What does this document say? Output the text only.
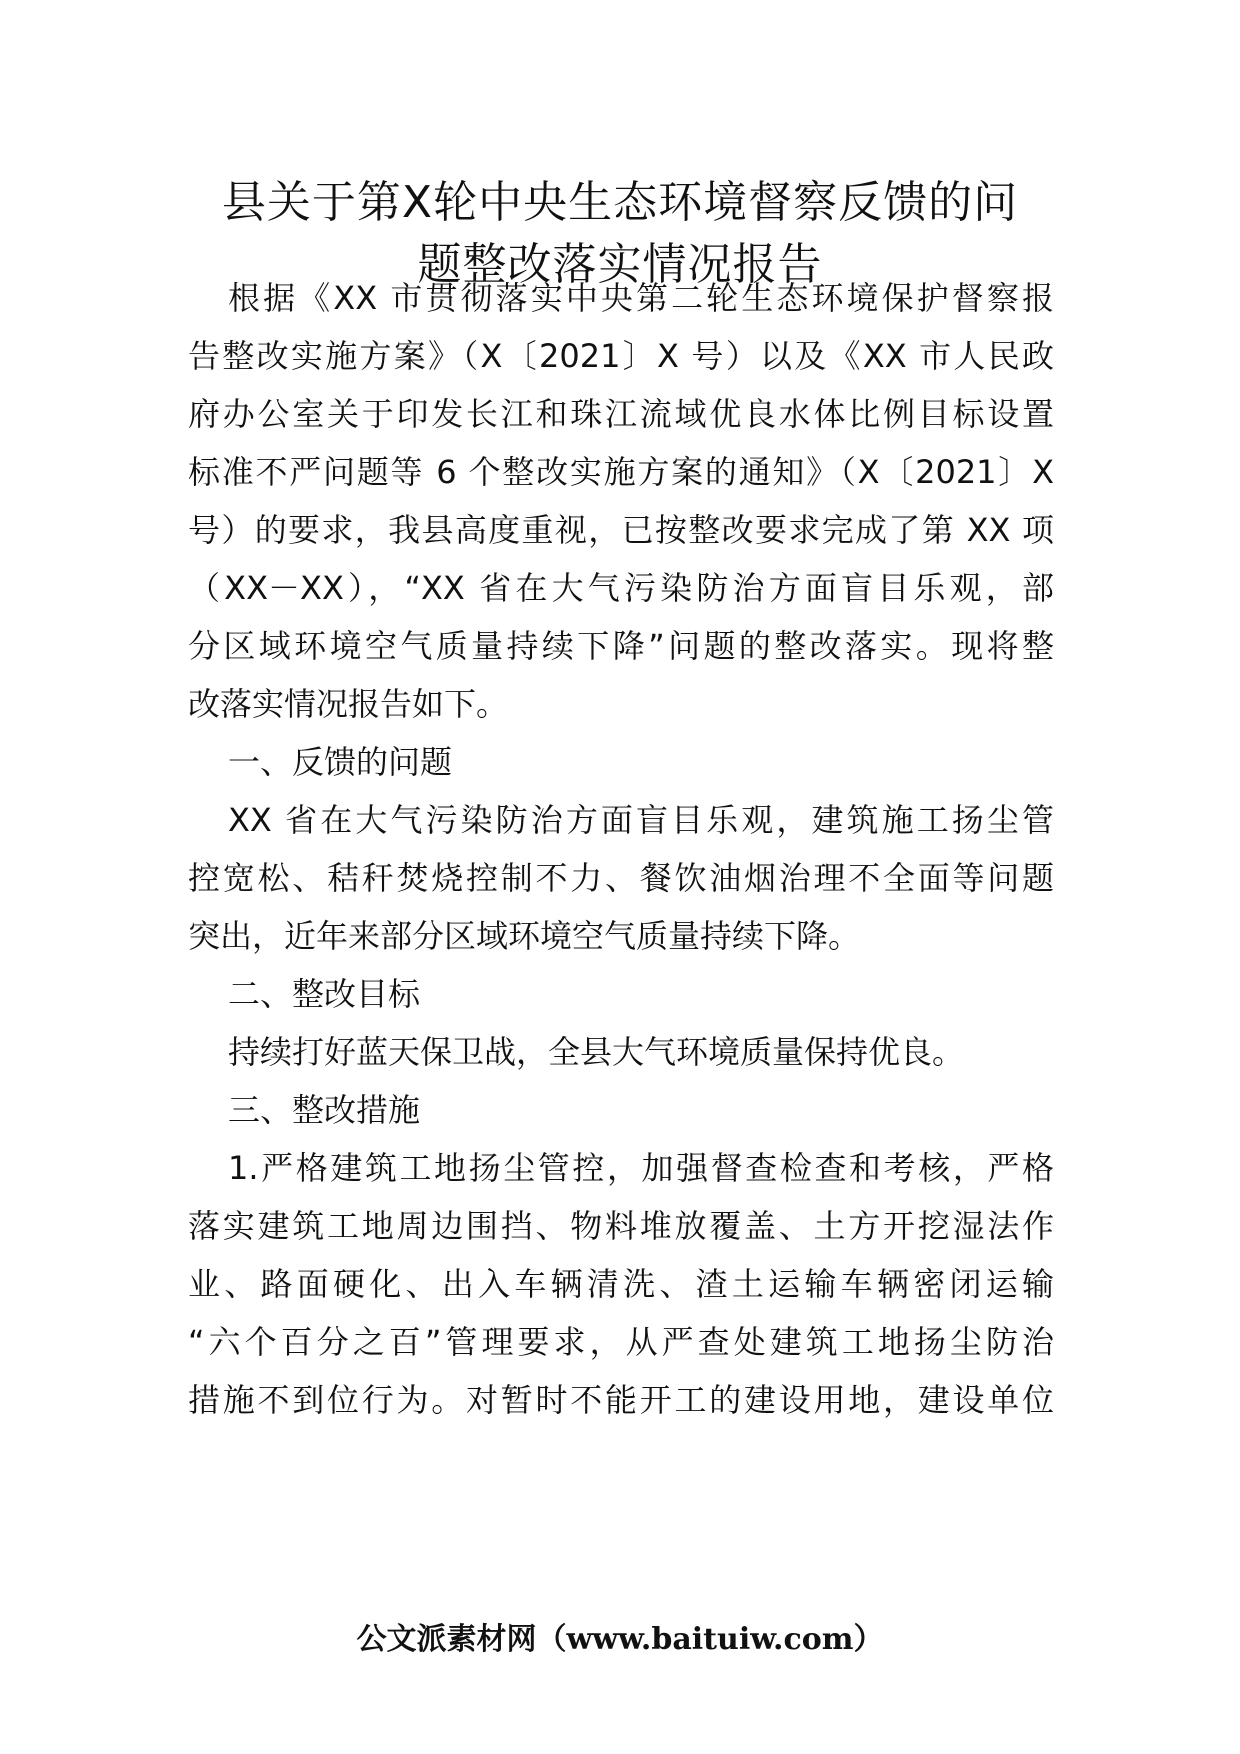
县关于第Ⅹ轮中央生态环境督察反馈的问
题整改落实情况报告

根据《XX 市贯彻落实中央第二轮生态环境保护督察报

告整改实施方案》（X〔2021〕X 号）以及《XX 市人民政

府办公室关于印发长江和珠江流域优良水体比例目标设置

标准不严问题等 6 个整改实施方案的通知》（X〔2021〕X

号）的要求，我县高度重视，已按整改要求完成了第 XX 项

（XX－XX），“XX 省在大气污染防治方面盲目乐观，部

分区域环境空气质量持续下降”问题的整改落实。现将整

改落实情况报告如下。

一、反馈的问题

XX 省在大气污染防治方面盲目乐观，建筑施工扬尘管

控宽松、秸秆焚烧控制不力、餐饮油烟治理不全面等问题

突出，近年来部分区域环境空气质量持续下降。

二、整改目标

持续打好蓝天保卫战，全县大气环境质量保持优良。

三、整改措施

1.严格建筑工地扬尘管控，加强督查检查和考核，严格

落实建筑工地周边围挡、物料堆放覆盖、土方开挖湿法作

业、路面硬化、出入车辆清洗、渣土运输车辆密闭运输

“六个百分之百”管理要求，从严查处建筑工地扬尘防治

措施不到位行为。对暂时不能开工的建设用地，建设单位

公文派素材网（www.baituiw.com）
